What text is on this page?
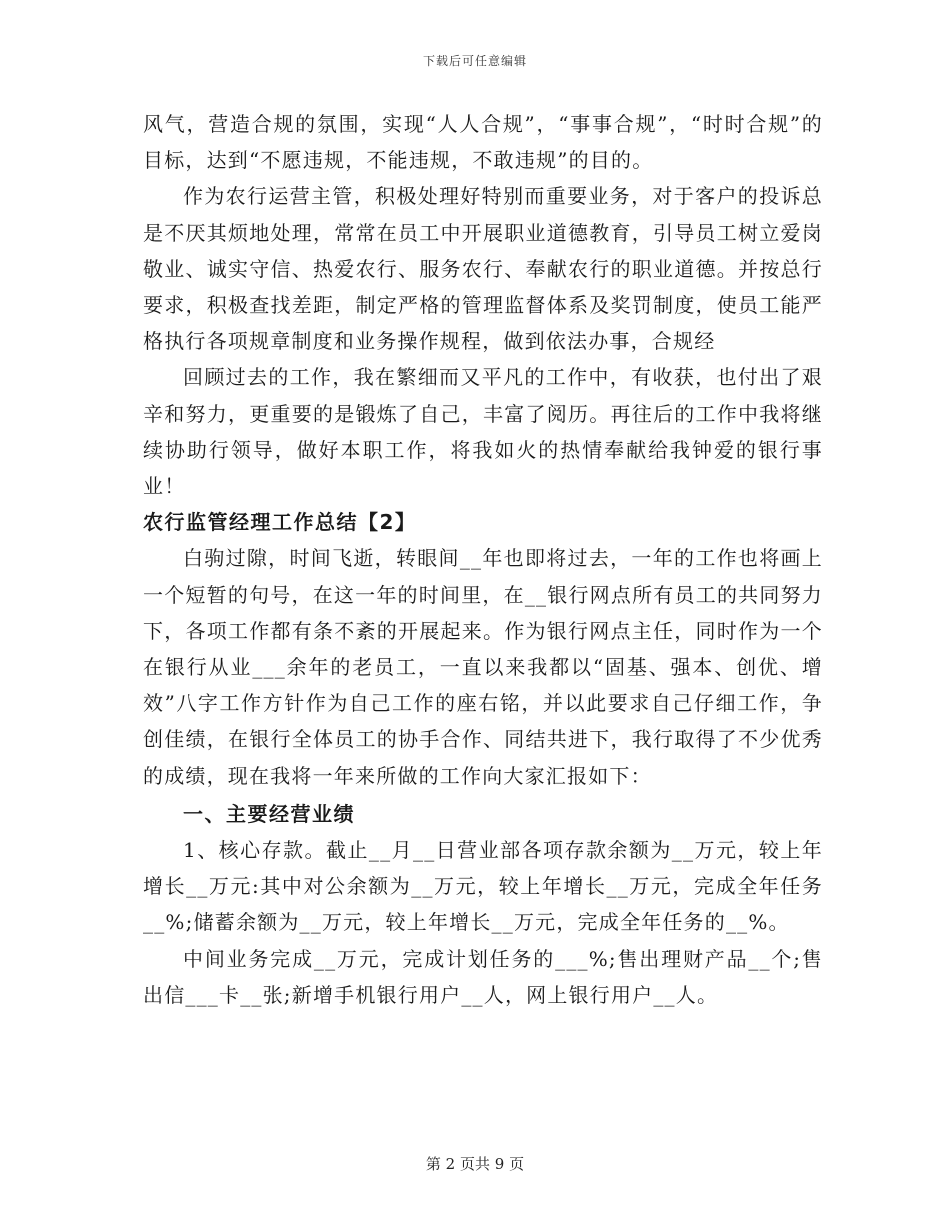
下载后可任意编辑

风气，营造合规的氛围，实现“人人合规”，“事事合规”，“时时合规”的目标，达到“不愿违规，不能违规，不敢违规”的目的。

作为农行运营主管，积极处理好特别而重要业务，对于客户的投诉总是不厌其烦地处理，常常在员工中开展职业道德教育，引导员工树立爱岗敬业、诚实守信、热爱农行、服务农行、奉献农行的职业道德。并按总行要求，积极查找差距，制定严格的管理监督体系及奖罚制度，使员工能严格执行各项规章制度和业务操作规程，做到依法办事，合规经

回顾过去的工作，我在繁细而又平凡的工作中，有收获，也付出了艰辛和努力，更重要的是锻炼了自己，丰富了阅历。再往后的工作中我将继续协助行领导，做好本职工作，将我如火的热情奉献给我钟爱的银行事业！

农行监管经理工作总结【2】

白驹过隙，时间飞逝，转眼间__年也即将过去，一年的工作也将画上一个短暂的句号，在这一年的时间里，在__银行网点所有员工的共同努力下，各项工作都有条不紊的开展起来。作为银行网点主任，同时作为一个在银行从业___余年的老员工，一直以来我都以“固基、强本、创优、增效”八字工作方针作为自己工作的座右铭，并以此要求自己仔细工作，争创佳绩，在银行全体员工的协手合作、同结共进下，我行取得了不少优秀的成绩，现在我将一年来所做的工作向大家汇报如下：

一、主要经营业绩

1、核心存款。截止__月__日营业部各项存款余额为__万元，较上年增长__万元:其中对公余额为__万元，较上年增长__万元，完成全年任务__%;储蓄余额为__万元，较上年增长__万元，完成全年任务的__%。

中间业务完成__万元，完成计划任务的___%;售出理财产品__个;售出信___卡__张;新增手机银行用户__人，网上银行用户__人。

第 2 页共 9 页
